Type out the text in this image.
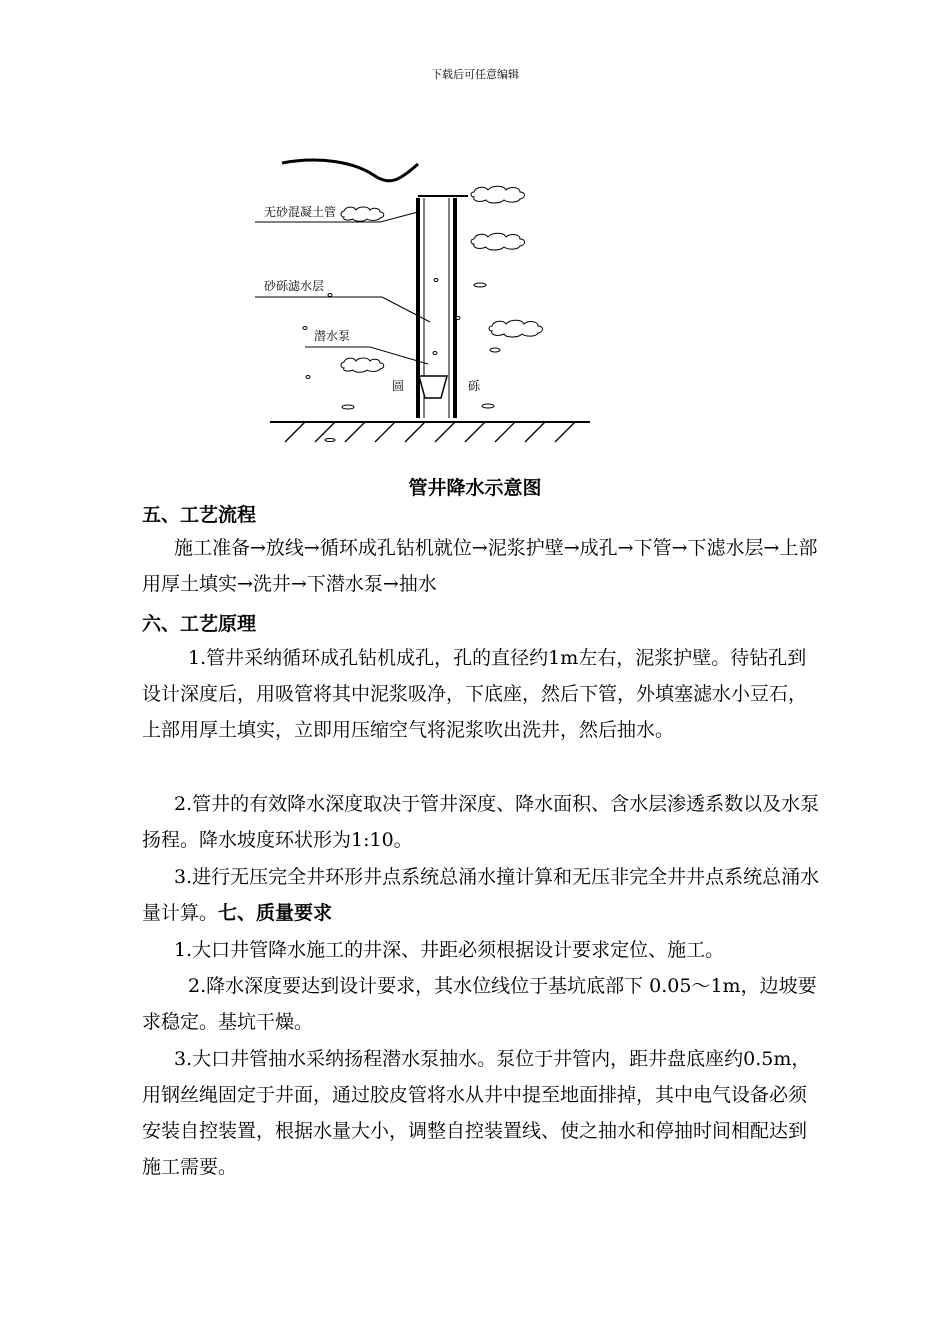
下载后可任意编辑
无砂混凝土管
砂砾滤水层
潜水泵
圆	砾
管井降水示意图
五、工艺流程
施工准备→放线→循环成孔钻机就位→泥浆护壁→成孔→下管→下滤水层→上部用厚土填实→洗井→下潜水泵→抽水
六、工艺原理
1.管井采纳循环成孔钻机成孔，孔的直径约1m左右，泥浆护壁。待钻孔到设计深度后，用吸管将其中泥浆吸净，下底座，然后下管，外填塞滤水小豆石，上部用厚土填实，立即用压缩空气将泥浆吹出洗井，然后抽水。
2.管井的有效降水深度取决于管井深度、降水面积、含水层渗透系数以及水泵扬程。降水坡度环状形为1:10。
3.进行无压完全井环形井点系统总涌水撞计算和无压非完全井井点系统总涌水量计算。七、质量要求
1.大口井管降水施工的井深、井距必须根据设计要求定位、施工。
2.降水深度要达到设计要求，其水位线位于基坑底部下 0.05～1m，边坡要求稳定。基坑干燥。
3.大口井管抽水采纳扬程潜水泵抽水。泵位于井管内，距井盘底座约0.5m，用钢丝绳固定于井面，通过胶皮管将水从井中提至地面排掉，其中电气设备必须安装自控装置，根据水量大小，调整自控装置线、使之抽水和停抽时间相配达到施工需要。
